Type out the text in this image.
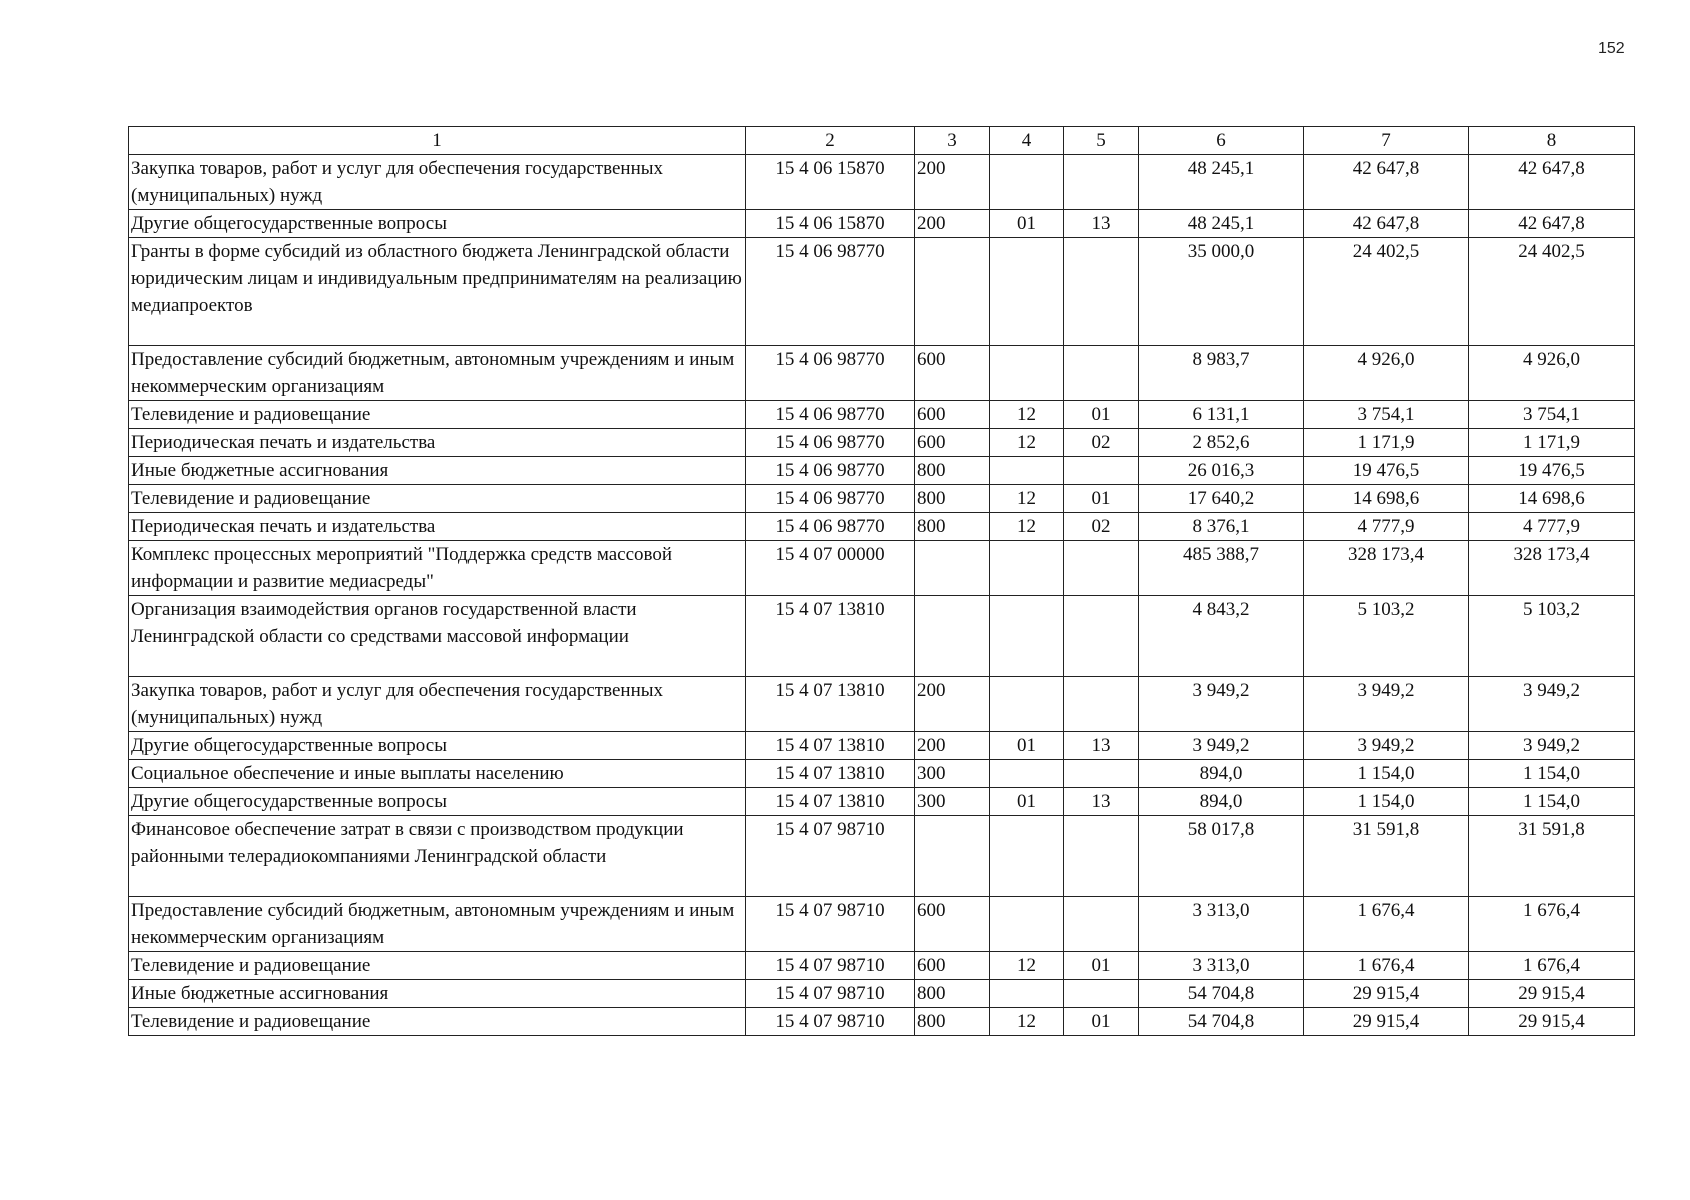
152
1	2	3	4	5	6	7	8
Закупка товаров, работ и услуг для обеспечения государственных (муниципальных) нужд	15 4 06 15870	200			48 245,1	42 647,8	42 647,8
Другие общегосударственные вопросы	15 4 06 15870	200	01	13	48 245,1	42 647,8	42 647,8
Гранты в форме субсидий из областного бюджета Ленинградской области юридическим лицам и индивидуальным предпринимателям на реализацию медиапроектов	15 4 06 98770				35 000,0	24 402,5	24 402,5
Предоставление субсидий бюджетным, автономным учреждениям и иным некоммерческим организациям	15 4 06 98770	600			8 983,7	4 926,0	4 926,0
Телевидение и радиовещание	15 4 06 98770	600	12	01	6 131,1	3 754,1	3 754,1
Периодическая печать и издательства	15 4 06 98770	600	12	02	2 852,6	1 171,9	1 171,9
Иные бюджетные ассигнования	15 4 06 98770	800			26 016,3	19 476,5	19 476,5
Телевидение и радиовещание	15 4 06 98770	800	12	01	17 640,2	14 698,6	14 698,6
Периодическая печать и издательства	15 4 06 98770	800	12	02	8 376,1	4 777,9	4 777,9
Комплекс процессных мероприятий "Поддержка средств массовой информации и развитие медиасреды"	15 4 07 00000				485 388,7	328 173,4	328 173,4
Организация взаимодействия органов государственной власти Ленинградской области со средствами массовой информации	15 4 07 13810				4 843,2	5 103,2	5 103,2
Закупка товаров, работ и услуг для обеспечения государственных (муниципальных) нужд	15 4 07 13810	200			3 949,2	3 949,2	3 949,2
Другие общегосударственные вопросы	15 4 07 13810	200	01	13	3 949,2	3 949,2	3 949,2
Социальное обеспечение и иные выплаты населению	15 4 07 13810	300			894,0	1 154,0	1 154,0
Другие общегосударственные вопросы	15 4 07 13810	300	01	13	894,0	1 154,0	1 154,0
Финансовое обеспечение затрат в связи с производством продукции районными телерадиокомпаниями Ленинградской области	15 4 07 98710				58 017,8	31 591,8	31 591,8
Предоставление субсидий бюджетным, автономным учреждениям и иным некоммерческим организациям	15 4 07 98710	600			3 313,0	1 676,4	1 676,4
Телевидение и радиовещание	15 4 07 98710	600	12	01	3 313,0	1 676,4	1 676,4
Иные бюджетные ассигнования	15 4 07 98710	800			54 704,8	29 915,4	29 915,4
Телевидение и радиовещание	15 4 07 98710	800	12	01	54 704,8	29 915,4	29 915,4
